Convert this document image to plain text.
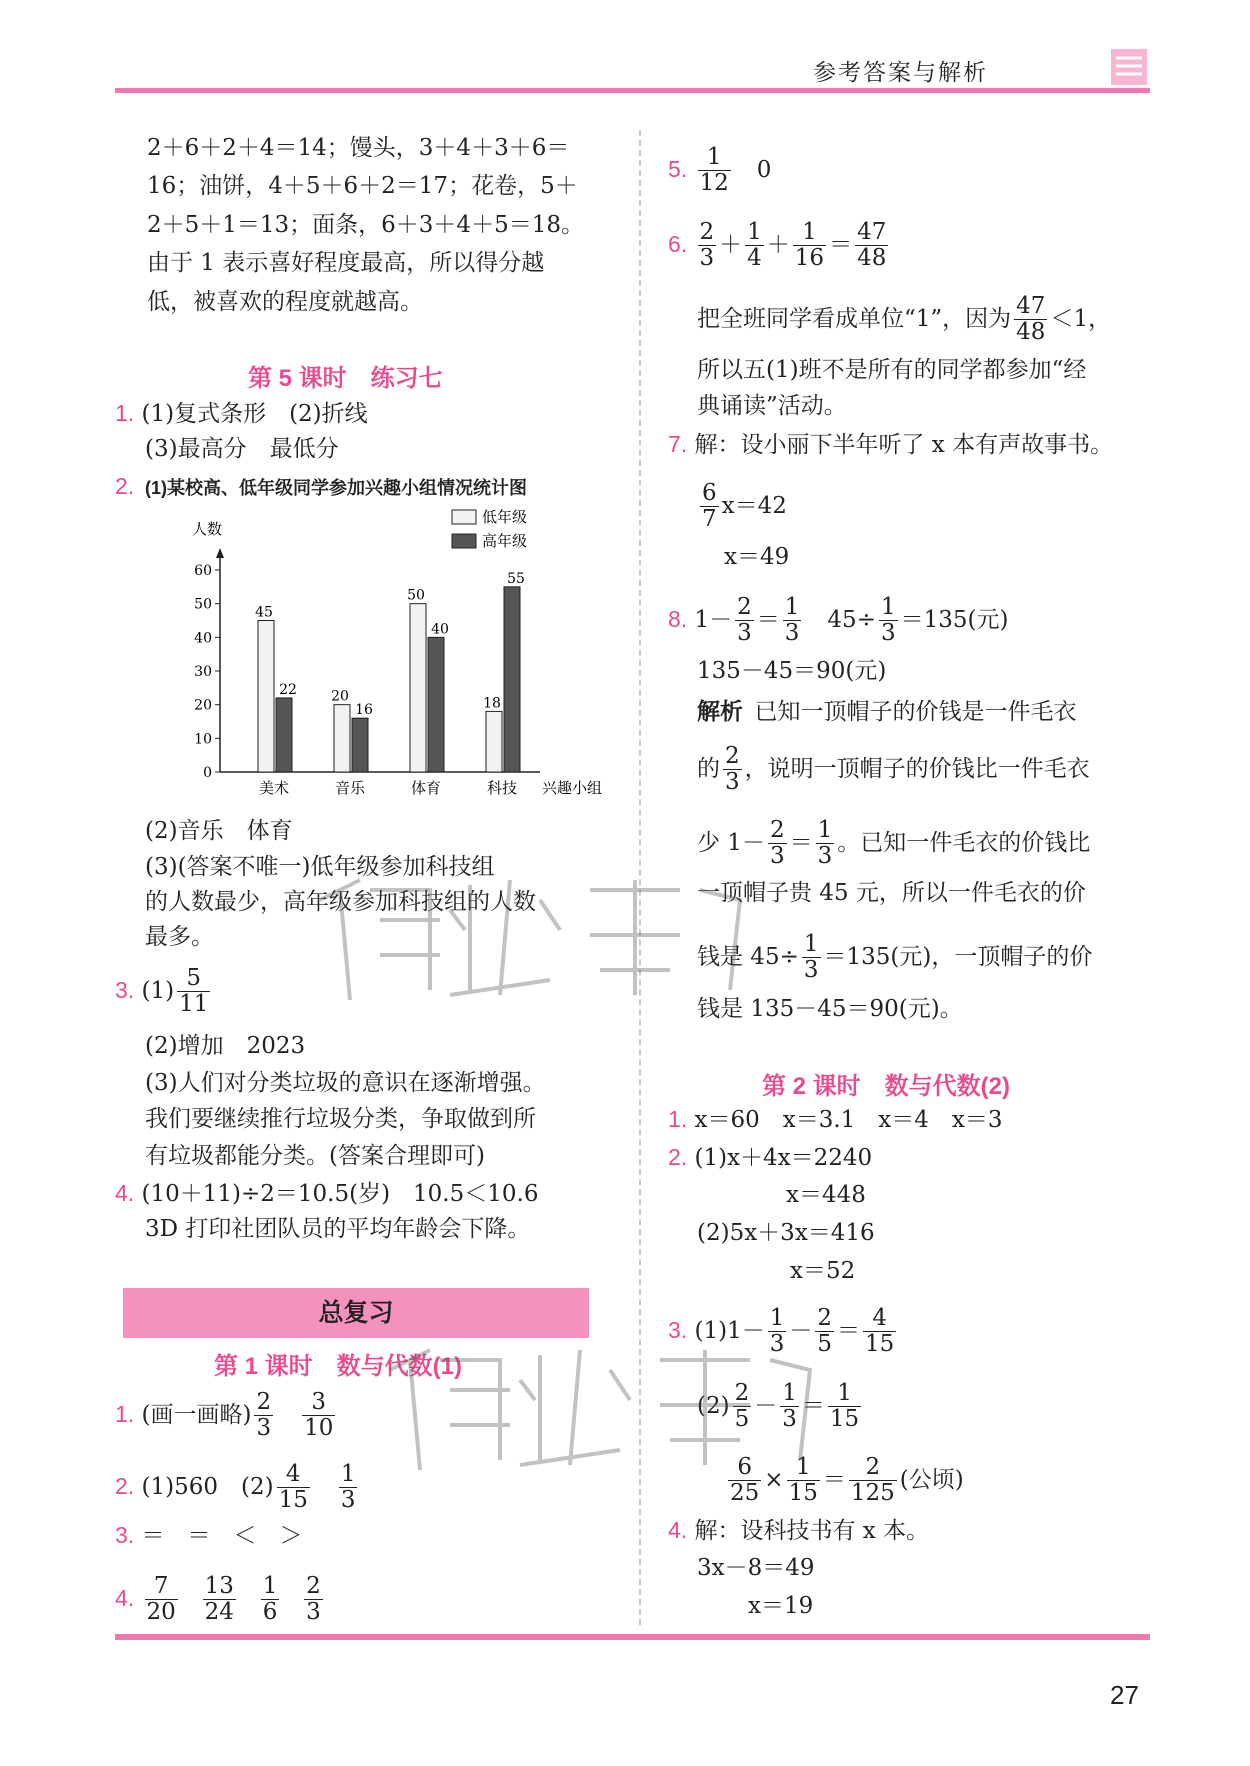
参考答案与解析
2＋6＋2＋4＝14；馒头，3＋4＋3＋6＝
16；油饼，4＋5＋6＋2＝17；花卷，5＋
2＋5＋1＝13；面条，6＋3＋4＋5＝18。
由于 1 表示喜好程度最高，所以得分越
低，被喜欢的程度就越高。
第 5 课时　练习七
1. (1)复式条形　(2)折线
(3)最高分　最低分
2. (1)某校高、低年级同学参加兴趣小组情况统计图
人数
兴趣小组
0
10
20
30
40
50
60
45
22
美术
20
16
音乐
50
40
体育
18
55
科技
低年级
高年级
(2)音乐　体育
(3)(答案不唯一)低年级参加科技组
的人数最少，高年级参加科技组的人数
最多。
3. $(1) \frac{5}{11}$
(2)增加　2023
(3)人们对分类垃圾的意识在逐渐增强。
我们要继续推行垃圾分类，争取做到所
有垃圾都能分类。(答案合理即可)
4. (10＋11)÷2＝10.5(岁)　10.5＜10.6
3D 打印社团队员的平均年龄会下降。
总复习
第 1 课时　数与代数(1)
1. (画一画略) $\frac{2}{3}$
  $\frac{3}{10}$
2. (1)560　$(2) \frac{4}{15}$
  $\frac{1}{3}$
3. ＝　＝　＜　＞
4. $\frac{7}{20}$
  $\frac{13}{24}$
  $\frac{1}{6}$
  $\frac{2}{3}$
5. $\frac{1}{12}$
  0
6. $\frac{2}{3} + \frac{1}{4} + \frac{1}{16} = \frac{47}{48}$
把全班同学看成单位“1”，因为 $\frac{47}{48} <1$，
所以五(1)班不是所有的同学都参加“经
典诵读”活动。
7. 解：设小丽下半年听了 x 本有声故事书。
$\frac{6}{7} x=42$
x＝49
8. $1- \frac{2}{3} = \frac{1}{3}$
  $45\div \frac{1}{3} =135$(元)
135－45＝90(元)
解析  已知一顶帽子的价钱是一件毛衣
的 $\frac{2}{3}$ ，说明一顶帽子的价钱比一件毛衣
少 $1- \frac{2}{3} = \frac{1}{3}$ 。已知一件毛衣的价钱比
一顶帽子贵 45 元，所以一件毛衣的价
钱是 $45\div \frac{1}{3} =135$(元)，一顶帽子的价
钱是 135－45＝90(元)。
第 2 课时　数与代数(2)
1. x＝60　x＝3.1　x＝4　x＝3
2. (1)x＋4x＝2240
x＝448
(2)5x＋3x＝416
x＝52
3. $(1)1- \frac{1}{3} - \frac{2}{5} = \frac{4}{15}$
$(2) \frac{2}{5} - \frac{1}{3} = \frac{1}{15}$
$\frac{6}{25} \times \frac{1}{15} = \frac{2}{125}$ (公顷)
4. 解：设科技书有 x 本。
3x－8＝49
x＝19
27
